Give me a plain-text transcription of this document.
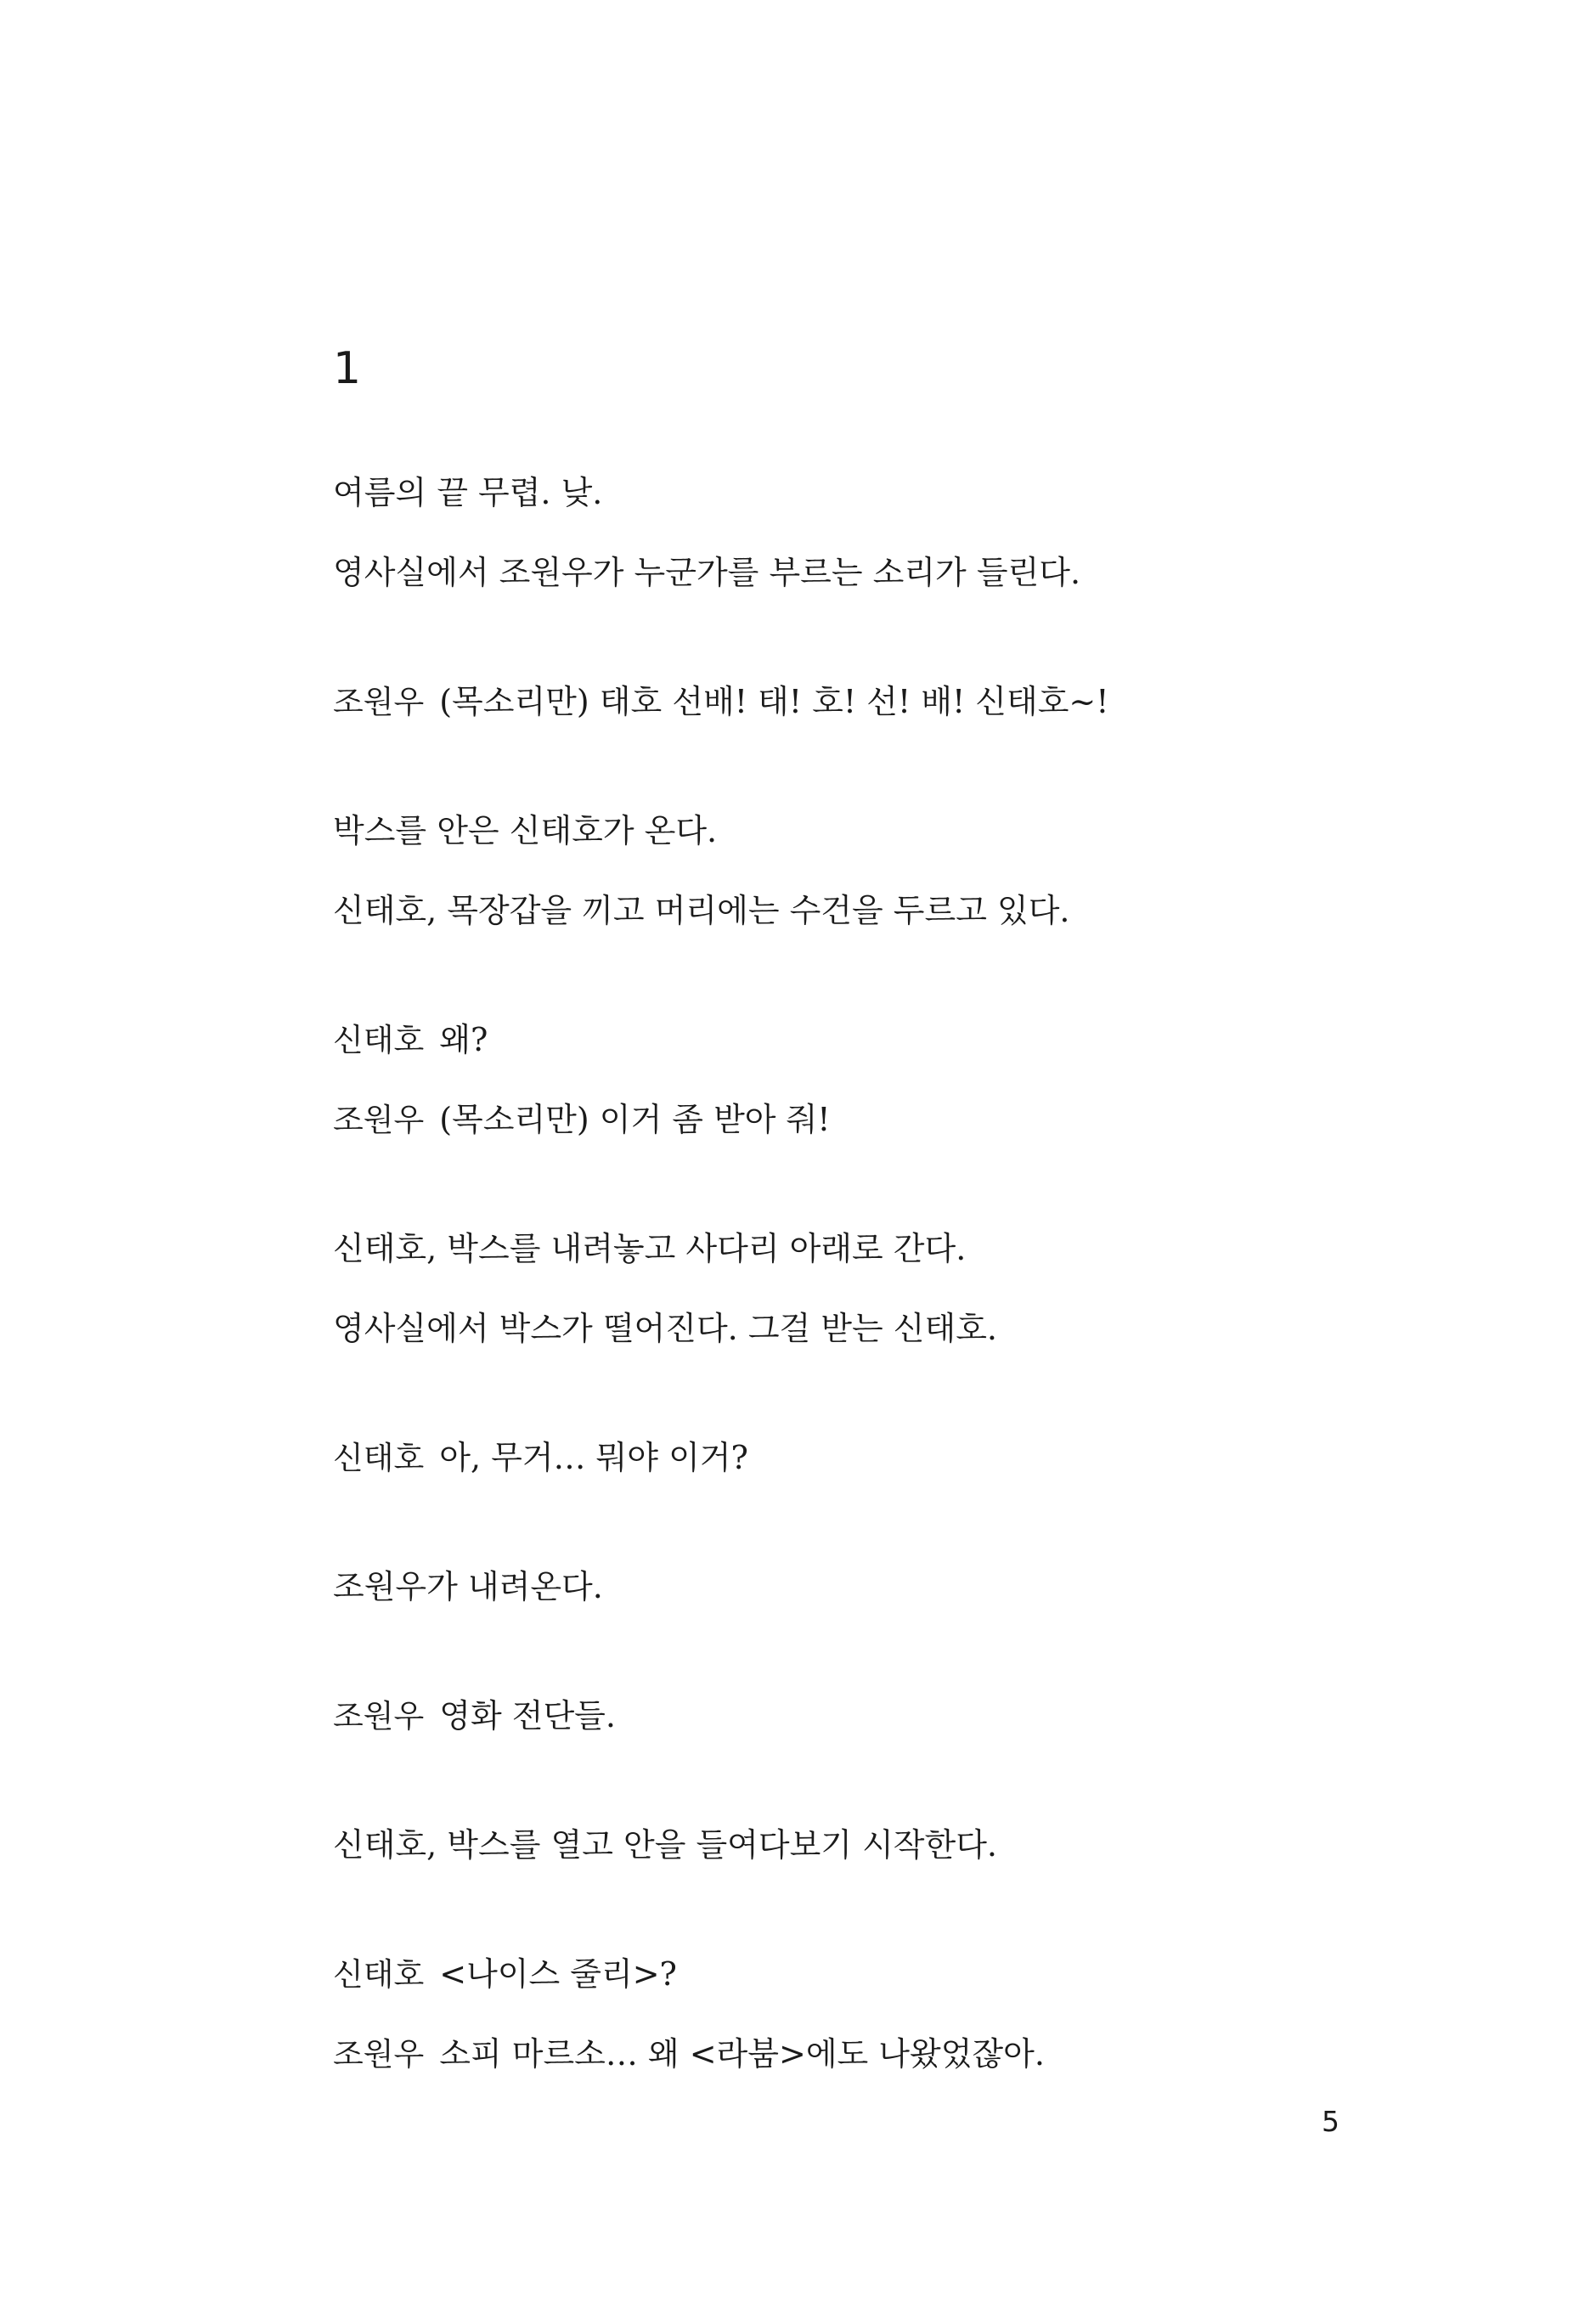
1
여름의 끝 무렵. 낮.
영사실에서 조원우가 누군가를 부르는 소리가 들린다.
조원우 (목소리만) 태호 선배! 태! 호! 선! 배! 신태호~!
박스를 안은 신태호가 온다.
신태호, 목장갑을 끼고 머리에는 수건을 두르고 있다.
신태호 왜?
조원우 (목소리만) 이거 좀 받아 줘!
신태호, 박스를 내려놓고 사다리 아래로 간다.
영사실에서 박스가 떨어진다. 그걸 받는 신태호.
신태호 아, 무거… 뭐야 이거?
조원우가 내려온다.
조원우 영화 전단들.
신태호, 박스를 열고 안을 들여다보기 시작한다.
신태호 <나이스 줄리>?
조원우 소피 마르소… 왜 <라붐>에도 나왔었잖아.
5
